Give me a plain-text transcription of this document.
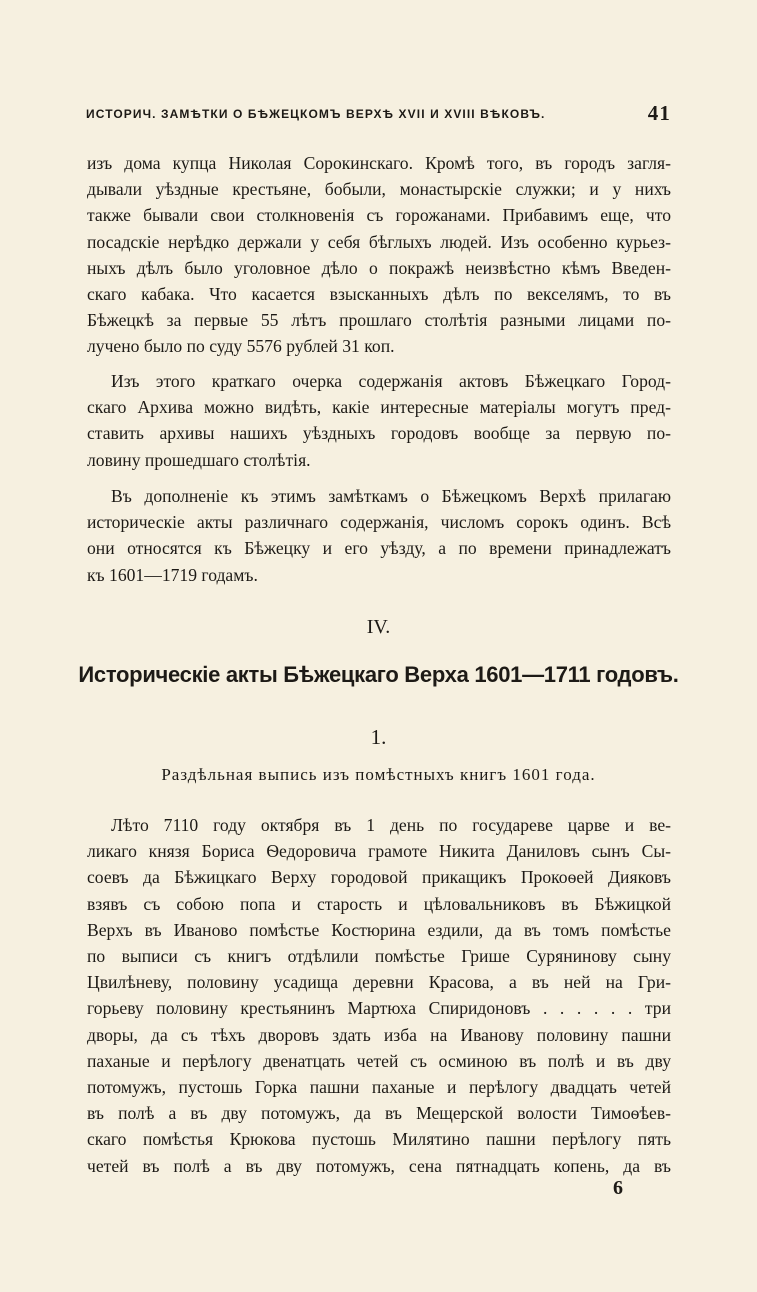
ИСТОРИЧ. ЗАМѢТКИ О БѢЖЕЦКОМЪ ВЕРХѢ XVII И XVIII ВѢКОВЪ.	41

изъ дома купца Николая Сорокинскаго. Кромѣ того, въ городъ загля-
дывали уѣздные крестьяне, бобыли, монастырскіе служки; и у нихъ
также бывали свои столкновенія съ горожанами. Прибавимъ еще, что
посадскіе нерѣдко держали у себя бѣглыхъ людей. Изъ особенно курьез-
ныхъ дѣлъ было уголовное дѣло о покражѣ неизвѣстно кѣмъ Введен-
скаго кабака. Что касается взысканныхъ дѣлъ по векселямъ, то въ
Бѣжецкѣ за первые 55 лѣтъ прошлаго столѣтія разными лицами по-
лучено было по суду 5576 рублей 31 коп.

Изъ этого краткаго очерка содержанія актовъ Бѣжецкаго Город-
скаго Архива можно видѣть, какіе интересные матеріалы могутъ пред-
ставить архивы нашихъ уѣздныхъ городовъ вообще за первую по-
ловину прошедшаго столѣтія.

Въ дополненіе къ этимъ замѣткамъ о Бѣжецкомъ Верхѣ прилагаю
историческіе акты различнаго содержанія, числомъ сорокъ одинъ. Всѣ
они относятся къ Бѣжецку и его уѣзду, а по времени принадлежатъ
къ 1601—1719 годамъ.

IV.
Историческіе акты Бѣжецкаго Верха 1601—1711 годовъ.
1.
Раздѣльная выпись изъ помѣстныхъ книгъ 1601 года.

Лѣто 7110 году октября въ 1 день по государеве царве и ве-
ликаго князя Бориса Ѳедоровича грамоте Никита Даниловъ сынъ Сы-
соевъ да Бѣжицкаго Верху городовой прикащикъ Прокоѳей Дияковъ
взявъ съ собою попа и старость и цѣловальниковъ въ Бѣжицкой
Верхъ въ Иваново помѣстье Костюрина ездили, да въ томъ помѣстье
по выписи съ книгъ отдѣлили помѣстье Грише Сурянинову сыну
Цвилѣневу, половину усадища деревни Красова, а въ ней на Гри-
горьеву половину крестьянинъ Мартюха Спиридоновъ . . . . . . три
дворы, да съ тѣхъ дворовъ здать изба на Иванову половину пашни
паханые и перѣлогу двенатцать четей съ осминою въ полѣ и въ дву
потомужъ, пустошь Горка пашни паханые и перѣлогу двадцать четей
въ полѣ а въ дву потомужъ, да въ Мещерской волости Тимоѳѣев-
скаго помѣстья Крюкова пустошь Милятино пашни перѣлогу пять
четей въ полѣ а въ дву потомужъ, сена пятнадцать копень, да въ

6
